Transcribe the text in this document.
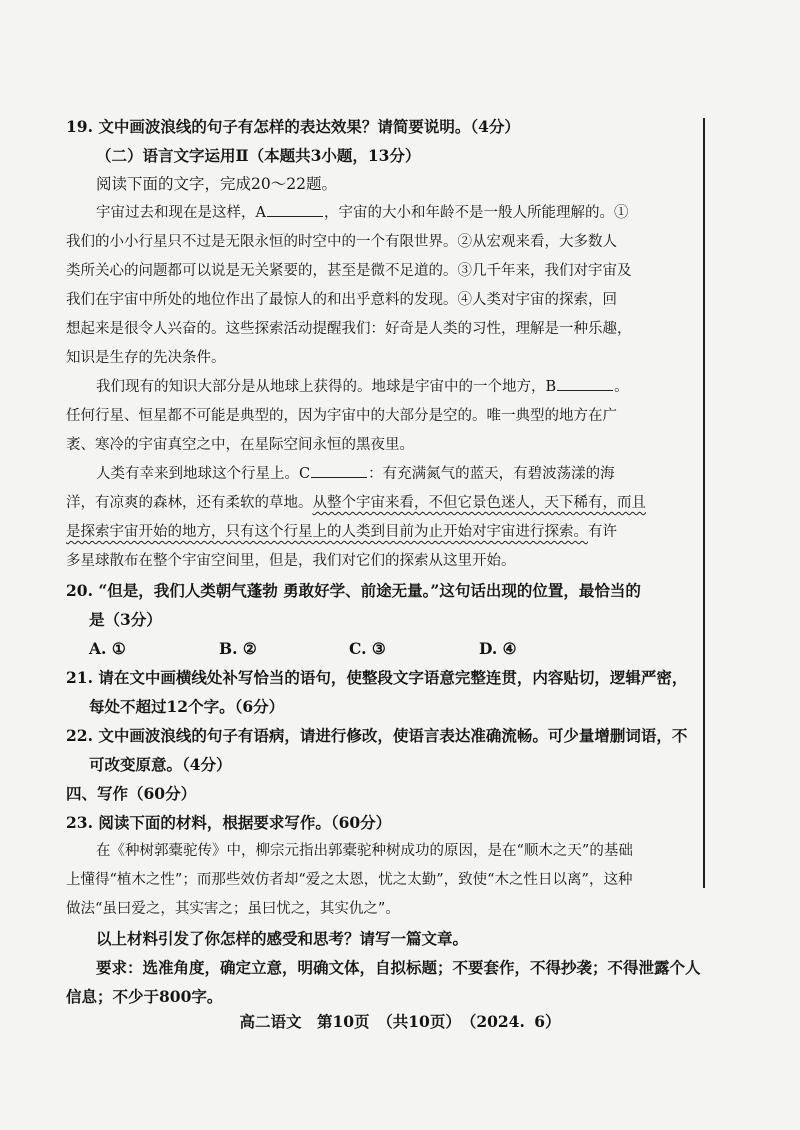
19. 文中画波浪线的句子有怎样的表达效果？请简要说明。（4分）
（二）语言文字运用Ⅱ（本题共3小题，13分）
阅读下面的文字，完成20～22题。
宇宙过去和现在是这样，A	，宇宙的大小和年龄不是一般人所能理解的。①
我们的小小行星只不过是无限永恒的时空中的一个有限世界。②从宏观来看，大多数人
类所关心的问题都可以说是无关紧要的，甚至是微不足道的。③几千年来，我们对宇宙及
我们在宇宙中所处的地位作出了最惊人的和出乎意料的发现。④人类对宇宙的探索，回
想起来是很令人兴奋的。这些探索活动提醒我们：好奇是人类的习性，理解是一种乐趣，
知识是生存的先决条件。
我们现有的知识大部分是从地球上获得的。地球是宇宙中的一个地方，B	。
任何行星、恒星都不可能是典型的，因为宇宙中的大部分是空的。唯一典型的地方在广
袤、寒冷的宇宙真空之中，在星际空间永恒的黑夜里。
人类有幸来到地球这个行星上。C	：有充满氮气的蓝天，有碧波荡漾的海
洋，有凉爽的森林，还有柔软的草地。从整个宇宙来看，不但它景色迷人，天下稀有，而且
是探索宇宙开始的地方，只有这个行星上的人类到目前为止开始对宇宙进行探索。有许
多星球散布在整个宇宙空间里，但是，我们对它们的探索从这里开始。
20. “但是，我们人类朝气蓬勃 勇敢好学、前途无量。”这句话出现的位置，最恰当的
是（3分）
A. ①	B. ②	C. ③	D. ④
21. 请在文中画横线处补写恰当的语句，使整段文字语意完整连贯，内容贴切，逻辑严密，
每处不超过12个字。（6分）
22. 文中画波浪线的句子有语病，请进行修改，使语言表达准确流畅。可少量增删词语，不
可改变原意。（4分）
四、写作（60分）
23. 阅读下面的材料，根据要求写作。（60分）
在《种树郭橐驼传》中，柳宗元指出郭橐驼种树成功的原因，是在“顺木之天”的基础
上懂得“植木之性”；而那些效仿者却“爱之太恩，忧之太勤”，致使“木之性日以离”，这种
做法“虽曰爱之，其实害之；虽曰忧之，其实仇之”。
以上材料引发了你怎样的感受和思考？请写一篇文章。
要求：选准角度，确定立意，明确文体，自拟标题；不要套作，不得抄袭；不得泄露个人
信息；不少于800字。
高二语文　第10页　（共10页）　（2024. 6）
